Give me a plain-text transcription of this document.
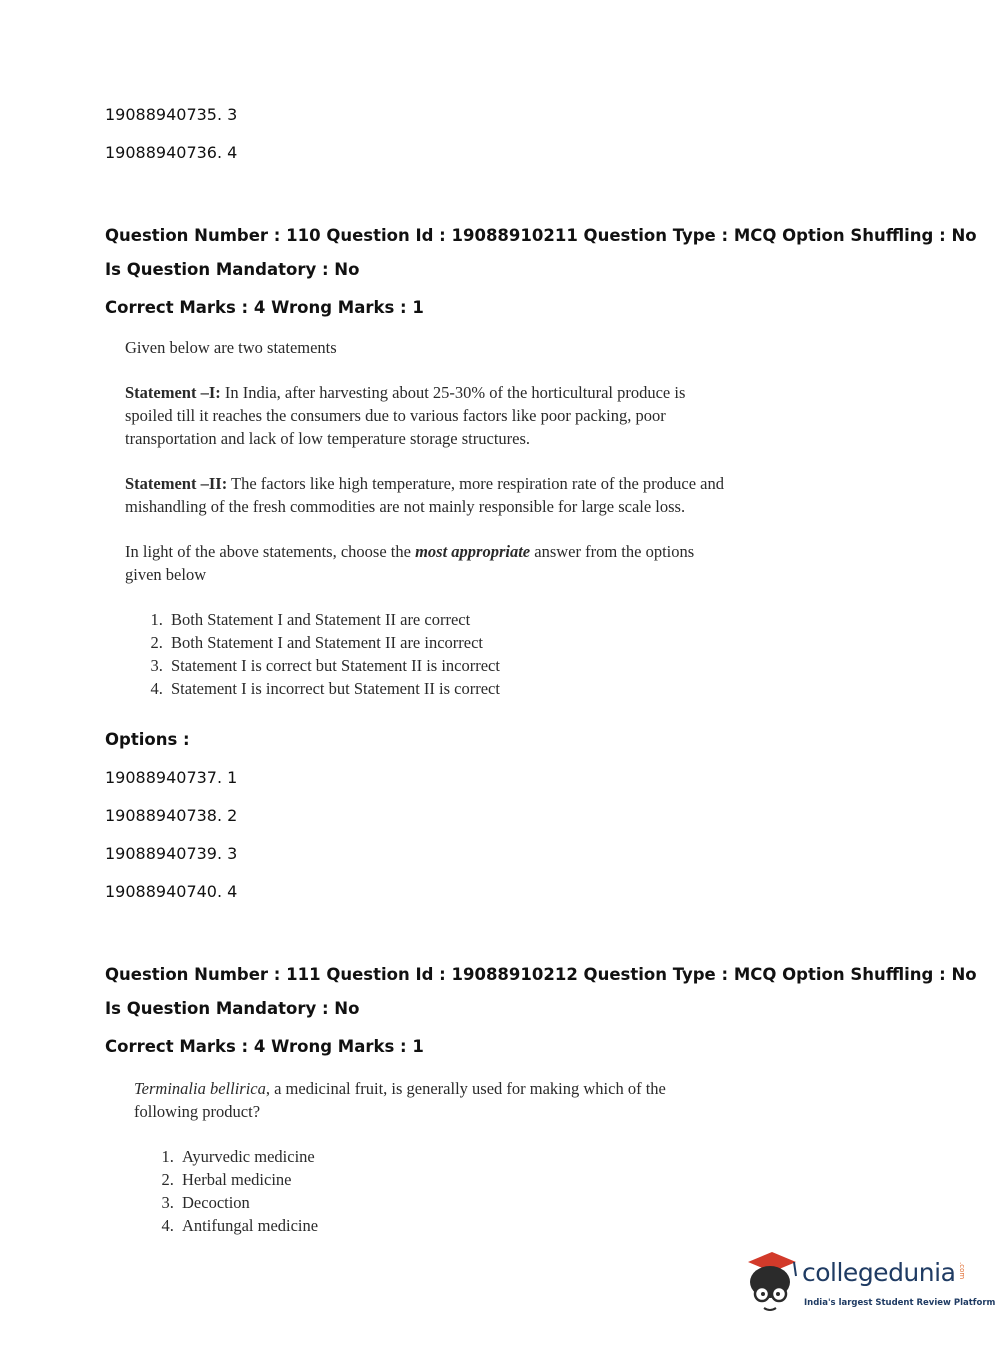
19088940735. 3
19088940736. 4
Question Number : 110 Question Id : 19088910211 Question Type : MCQ Option Shuffling : No
Is Question Mandatory : No
Correct Marks : 4 Wrong Marks : 1

Given below are two statements

Statement –I: In India, after harvesting about 25-30% of the horticultural produce is spoiled till it reaches the consumers due to various factors like poor packing, poor transportation and lack of low temperature storage structures.

Statement –II: The factors like high temperature, more respiration rate of the produce and mishandling of the fresh commodities are not mainly responsible for large scale loss.

In light of the above statements, choose the most appropriate answer from the options given below

1. Both Statement I and Statement II are correct
2. Both Statement I and Statement II are incorrect
3. Statement I is correct but Statement II is incorrect
4. Statement I is incorrect but Statement II is correct
Options :
19088940737. 1
19088940738. 2
19088940739. 3
19088940740. 4
Question Number : 111 Question Id : 19088910212 Question Type : MCQ Option Shuffling : No
Is Question Mandatory : No
Correct Marks : 4 Wrong Marks : 1

Terminalia bellirica, a medicinal fruit, is generally used for making which of the following product?

1. Ayurvedic medicine
2. Herbal medicine
3. Decoction
4. Antifungal medicine
collegedunia .com
India's largest Student Review Platform
